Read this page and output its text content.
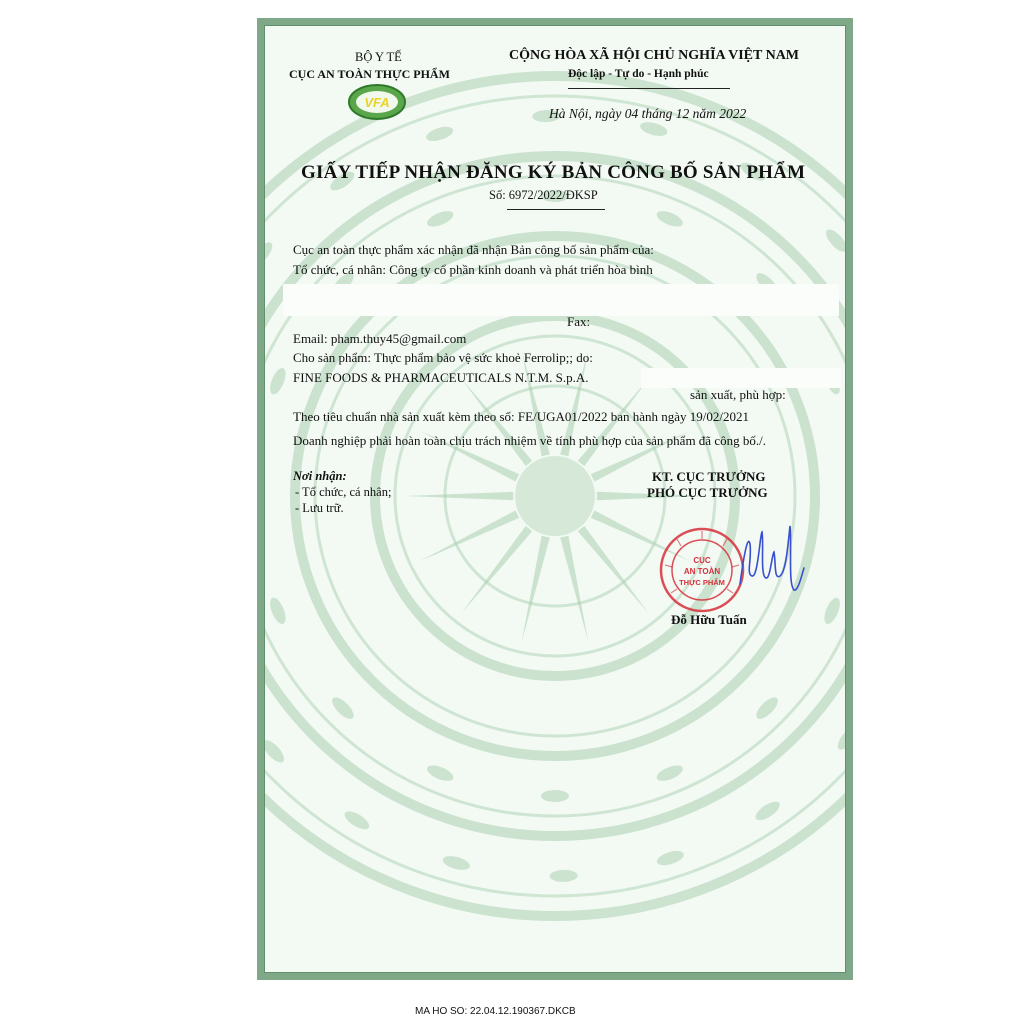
BỘ Y TẾ
CỤC AN TOÀN THỰC PHẨM
VFA
CỘNG HÒA XÃ HỘI CHỦ NGHĨA VIỆT NAM
Độc lập - Tự do - Hạnh phúc
Hà Nội, ngày 04 tháng 12 năm 2022
GIẤY TIẾP NHẬN ĐĂNG KÝ BẢN CÔNG BỐ SẢN PHẨM
Số: 6972/2022/ĐKSP
Cục an toàn thực phẩm xác nhận đã nhận Bản công bố sản phẩm của:
Tổ chức, cá nhân: Công ty cổ phần kinh doanh và phát triển hòa bình
Fax:
Email: pham.thuy45@gmail.com
Cho sản phẩm: Thực phẩm bảo vệ sức khoẻ Ferrolip;; do:
FINE FOODS & PHARMACEUTICALS N.T.M. S.p.A.
sản xuất, phù hợp:
Theo tiêu chuẩn nhà sản xuất kèm theo số: FE/UGA01/2022 ban hành ngày 19/02/2021
Doanh nghiệp phải hoàn toàn chịu trách nhiệm về tính phù hợp của sản phẩm đã công bố./.
Nơi nhận:
- Tổ chức, cá nhân;
- Lưu trữ.
KT. CỤC TRƯỞNG
PHÓ CỤC TRƯỞNG
CỤC
AN TOÀN
THỰC PHẨM
Đỗ Hữu Tuấn
MA HO SO: 22.04.12.190367.DKCB
